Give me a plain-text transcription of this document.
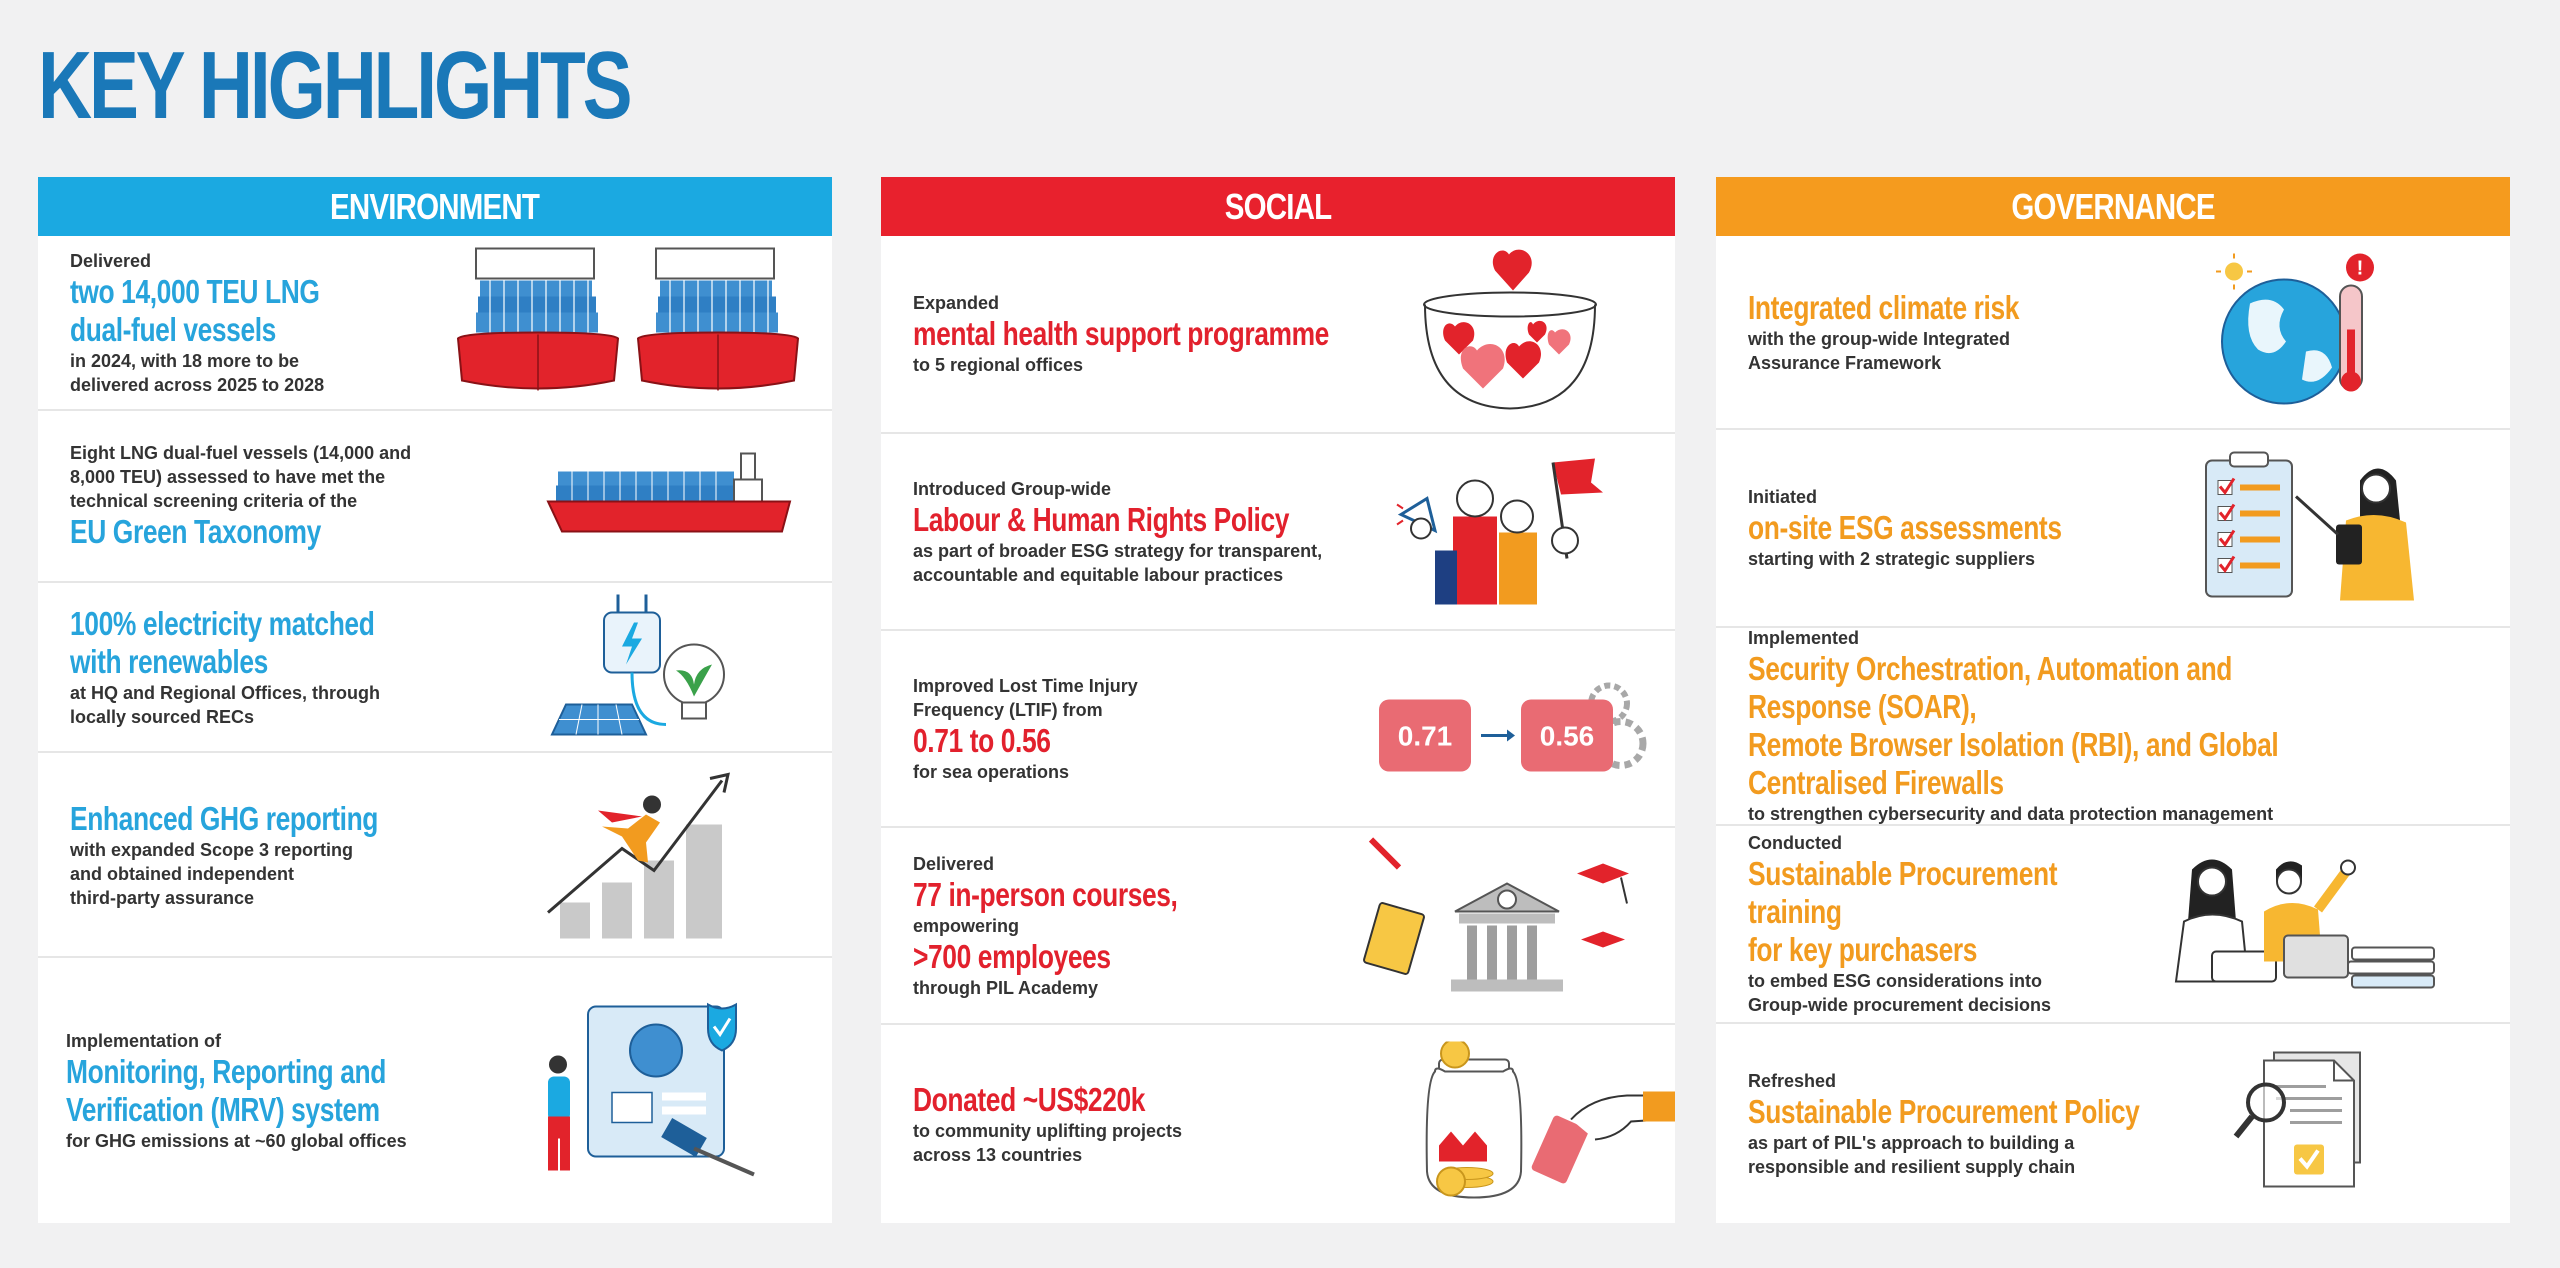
KEY HIGHLIGHTS
ENVIRONMENT
Delivered
two 14,000 TEU LNG
dual-fuel vessels
in 2024, with 18 more to be
delivered across 2025 to 2028
Eight LNG dual-fuel vessels (14,000 and
8,000 TEU) assessed to have met the
technical screening criteria of the
EU Green Taxonomy
100% electricity matched
with renewables
at HQ and Regional Offices, through
locally sourced RECs
Enhanced GHG reporting
with expanded Scope 3 reporting
and obtained independent
third-party assurance
Implementation of
Monitoring, Reporting and
Verification (MRV) system
for GHG emissions at ~60 global offices
SOCIAL
Expanded
mental health support programme
to 5 regional offices
Introduced Group-wide
Labour & Human Rights Policy
as part of broader ESG strategy for transparent,
accountable and equitable labour practices
Improved Lost Time Injury
Frequency (LTIF) from
0.71 to 0.56
for sea operations
0.71	0.56
Delivered
77 in-person courses,
empowering
>700 employees
through PIL Academy
Donated ~US$220k
to community uplifting projects
across 13 countries
GOVERNANCE
Integrated climate risk
with the group-wide Integrated
Assurance Framework
!
Initiated
on-site ESG assessments
starting with 2 strategic suppliers
Implemented
Security Orchestration, Automation and Response (SOAR),
Remote Browser Isolation (RBI), and Global Centralised Firewalls
to strengthen cybersecurity and data protection management
Conducted
Sustainable Procurement training
for key purchasers
to embed ESG considerations into
Group-wide procurement decisions
Refreshed
Sustainable Procurement Policy
as part of PIL's approach to building a
responsible and resilient supply chain
